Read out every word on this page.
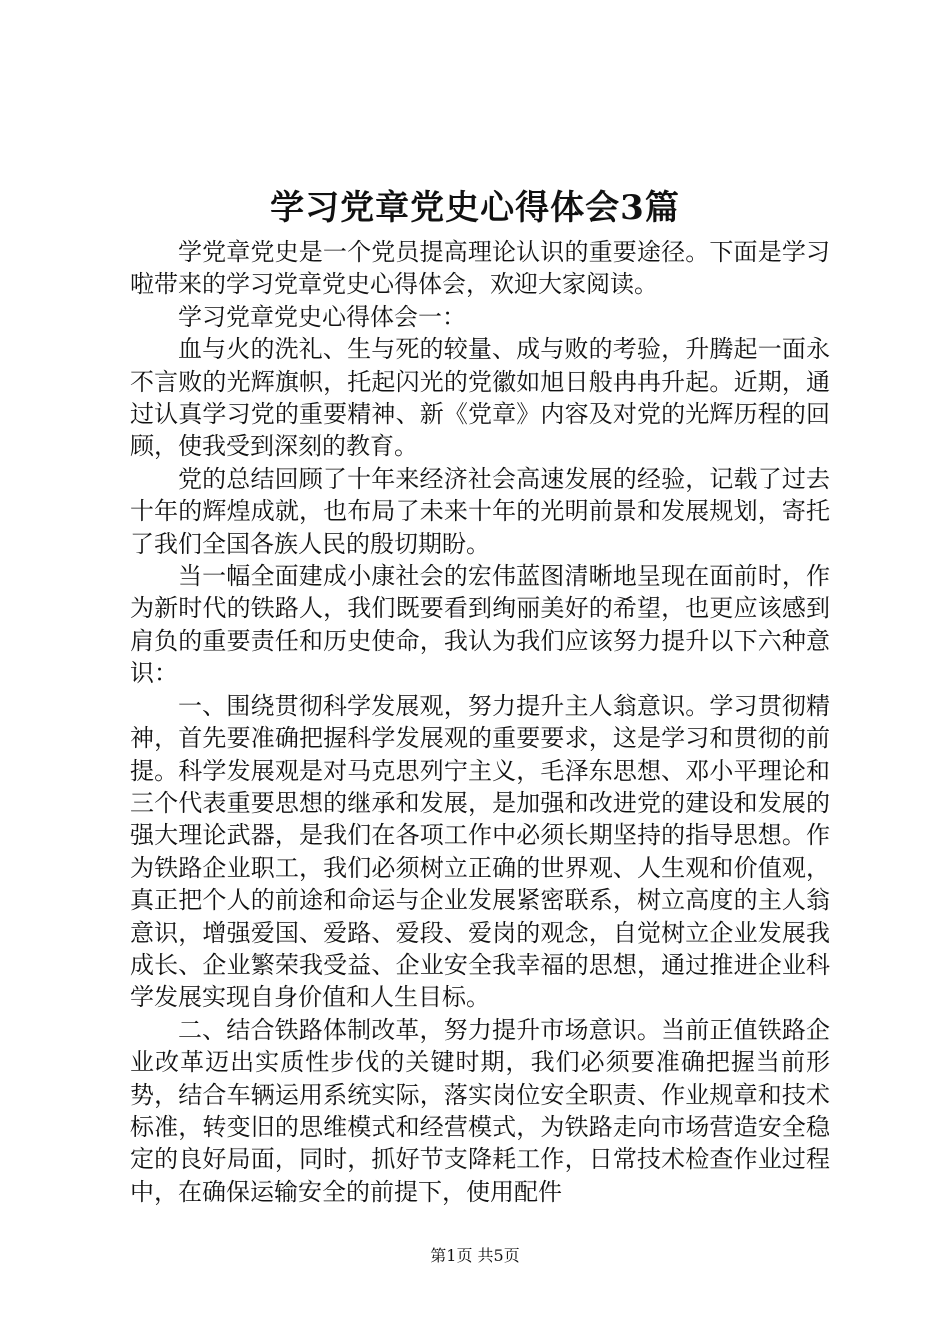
学习党章党史心得体会3篇

学党章党史是一个党员提高理论认识的重要途径。下面是学习啦带来的学习党章党史心得体会，欢迎大家阅读。

学习党章党史心得体会一：

血与火的洗礼、生与死的较量、成与败的考验，升腾起一面永不言败的光辉旗帜，托起闪光的党徽如旭日般冉冉升起。近期，通过认真学习党的重要精神、新《党章》内容及对党的光辉历程的回顾，使我受到深刻的教育。

党的总结回顾了十年来经济社会高速发展的经验，记载了过去十年的辉煌成就，也布局了未来十年的光明前景和发展规划，寄托了我们全国各族人民的殷切期盼。

当一幅全面建成小康社会的宏伟蓝图清晰地呈现在面前时，作为新时代的铁路人，我们既要看到绚丽美好的希望，也更应该感到肩负的重要责任和历史使命，我认为我们应该努力提升以下六种意识：

一、围绕贯彻科学发展观，努力提升主人翁意识。学习贯彻精神，首先要准确把握科学发展观的重要要求，这是学习和贯彻的前提。科学发展观是对马克思列宁主义，毛泽东思想、邓小平理论和三个代表重要思想的继承和发展，是加强和改进党的建设和发展的强大理论武器，是我们在各项工作中必须长期坚持的指导思想。作为铁路企业职工，我们必须树立正确的世界观、人生观和价值观，真正把个人的前途和命运与企业发展紧密联系，树立高度的主人翁意识，增强爱国、爱路、爱段、爱岗的观念，自觉树立企业发展我成长、企业繁荣我受益、企业安全我幸福的思想，通过推进企业科学发展实现自身价值和人生目标。

二、结合铁路体制改革，努力提升市场意识。当前正值铁路企业改革迈出实质性步伐的关键时期，我们必须要准确把握当前形势，结合车辆运用系统实际，落实岗位安全职责、作业规章和技术标准，转变旧的思维模式和经营模式，为铁路走向市场营造安全稳定的良好局面，同时，抓好节支降耗工作，日常技术检查作业过程中，在确保运输安全的前提下，使用配件

第1页 共5页
